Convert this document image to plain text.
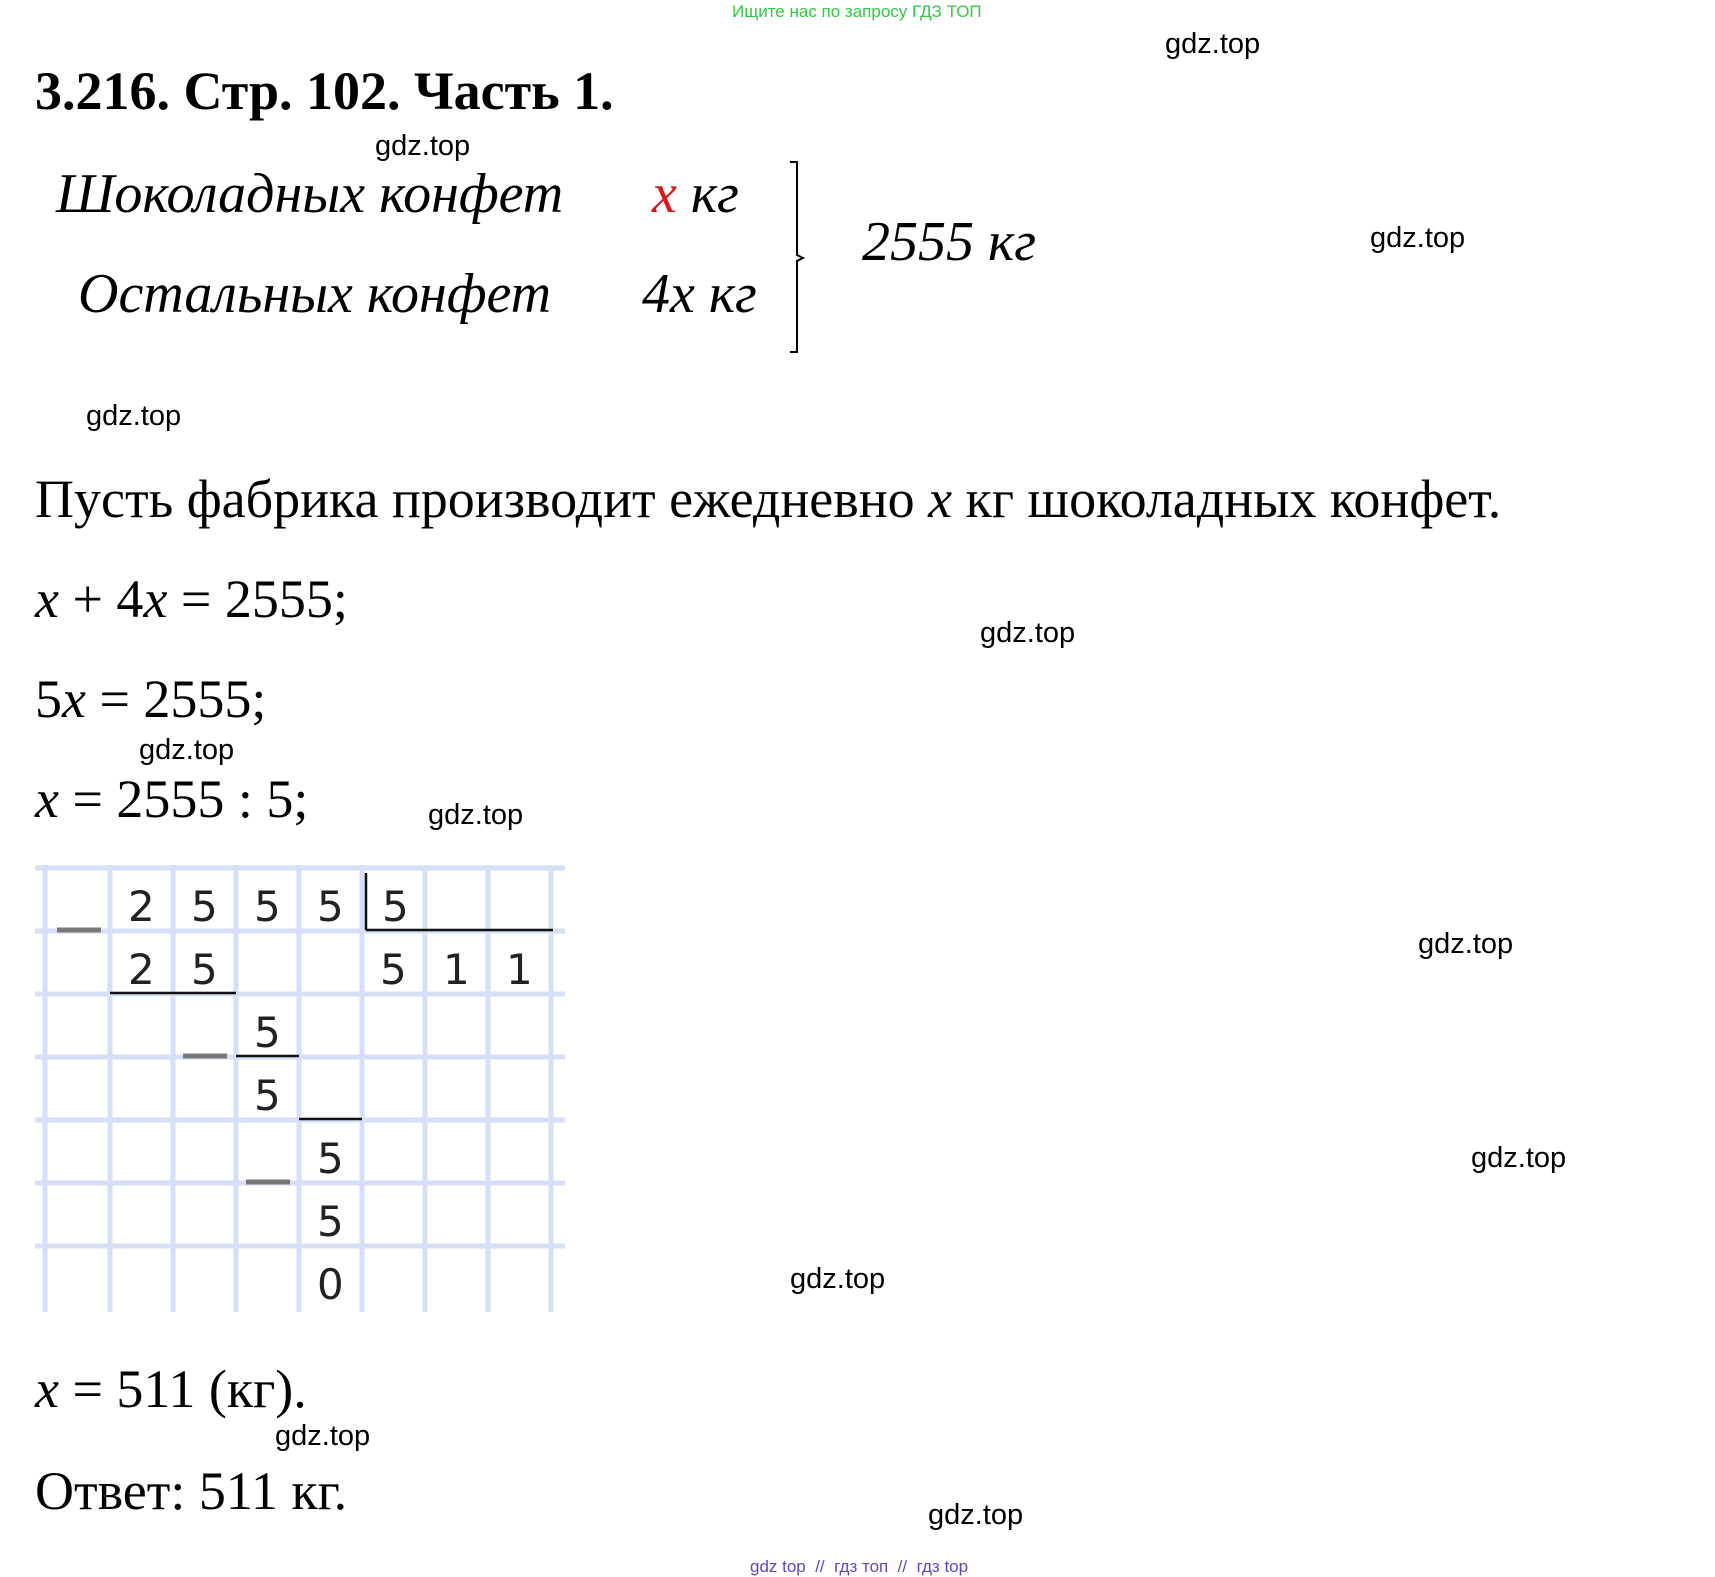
Ищите нас по запросу ГДЗ ТОП
gdz.top
gdz.top
gdz.top
gdz.top
gdz.top
gdz.top
gdz.top
gdz.top
gdz.top
gdz.top
gdz.top
gdz.top
3.216. Стр. 102. Часть 1.
Шоколадных конфет x кг
Остальных конфет 4x кг
2555 кг
Пусть фабрика производит ежедневно x кг шоколадных конфет.
x + 4x = 2555;
5x = 2555;
x = 2555 : 5;
2 5 5 5 5
2 5	5 1 1
5
5
5
5
0
x = 511 (кг).
Ответ: 511 кг.
gdz top  //  гдз топ  //  гдз top
